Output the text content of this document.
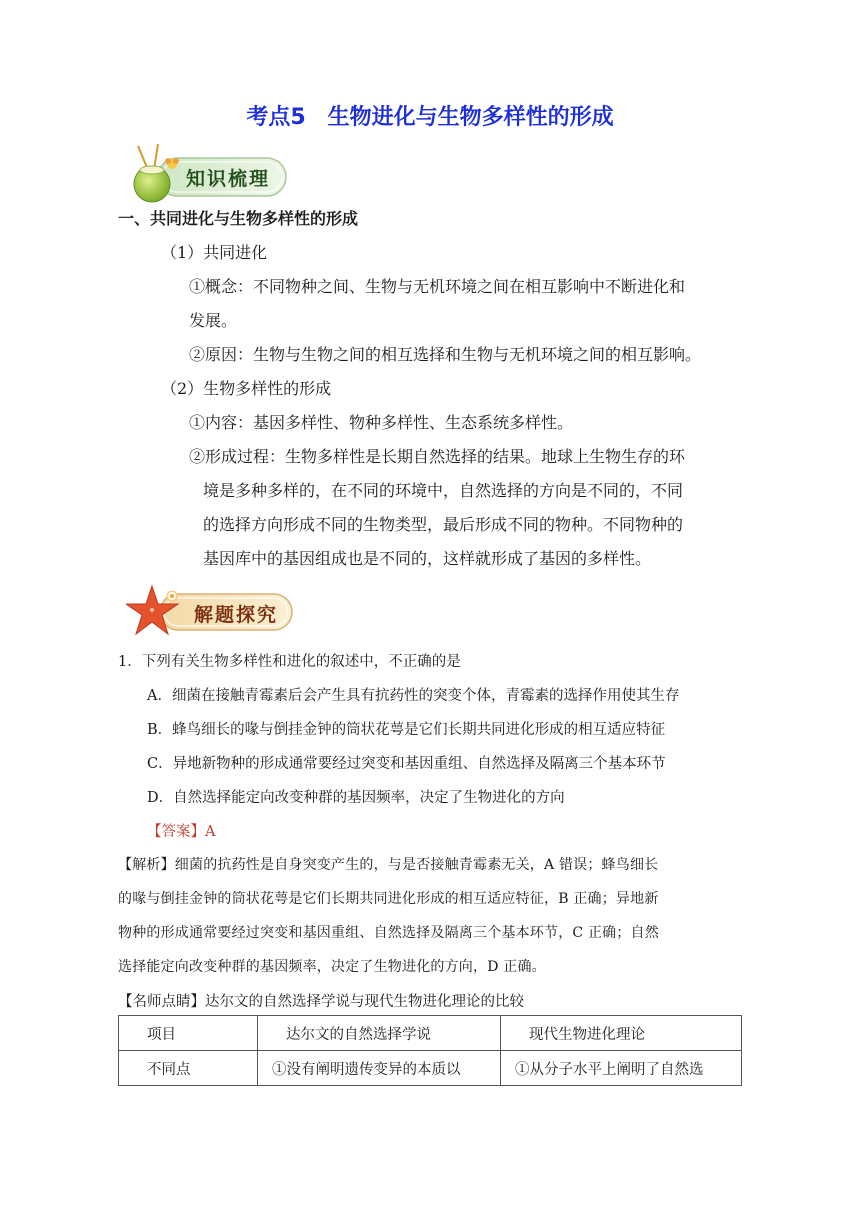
考点5　生物进化与生物多样性的形成
知识梳理
一、共同进化与生物多样性的形成
（1）共同进化
①概念：不同物种之间、生物与无机环境之间在相互影响中不断进化和
发展。
②原因：生物与生物之间的相互选择和生物与无机环境之间的相互影响。
（2）生物多样性的形成
①内容：基因多样性、物种多样性、生态系统多样性。
②形成过程：生物多样性是长期自然选择的结果。地球上生物生存的环
境是多种多样的，在不同的环境中，自然选择的方向是不同的，不同
的选择方向形成不同的生物类型，最后形成不同的物种。不同物种的
基因库中的基因组成也是不同的，这样就形成了基因的多样性。
解题探究
1．下列有关生物多样性和进化的叙述中，不正确的是
A．细菌在接触青霉素后会产生具有抗药性的突变个体，青霉素的选择作用使其生存
B．蜂鸟细长的喙与倒挂金钟的筒状花萼是它们长期共同进化形成的相互适应特征
C．异地新物种的形成通常要经过突变和基因重组、自然选择及隔离三个基本环节
D．自然选择能定向改变种群的基因频率，决定了生物进化的方向
【答案】A
【解析】细菌的抗药性是自身突变产生的，与是否接触青霉素无关，A 错误；蜂鸟细长
的喙与倒挂金钟的筒状花萼是它们长期共同进化形成的相互适应特征，B 正确；异地新
物种的形成通常要经过突变和基因重组、自然选择及隔离三个基本环节，C 正确；自然
选择能定向改变种群的基因频率，决定了生物进化的方向，D 正确。
【名师点睛】达尔文的自然选择学说与现代生物进化理论的比较
项目	达尔文的自然选择学说	现代生物进化理论
不同点	①没有阐明遗传变异的本质以	①从分子水平上阐明了自然选
